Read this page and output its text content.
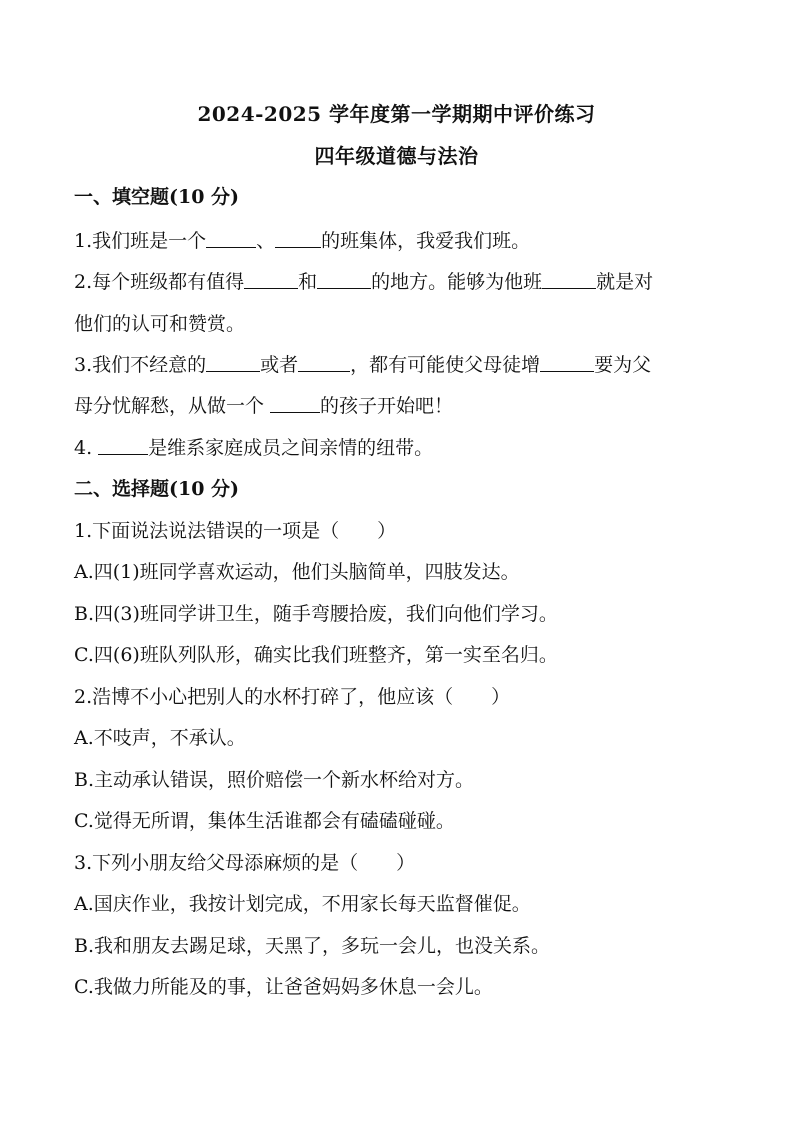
2024-2025 学年度第一学期期中评价练习
四年级道德与法治
一、填空题(10 分)
1.我们班是一个	、 的班集体，我爱我们班。
2.每个班级都有值得	和	的地方。能够为他班	就是对
他们的认可和赞赏。
3.我们不经意的	或者	，都有可能使父母徒增	要为父
母分忧解愁，从做一个	的孩子开始吧！
4.	是维系家庭成员之间亲情的纽带。
二、选择题(10 分)
1.下面说法说法错误的一项是（　　）
A.四(1)班同学喜欢运动，他们头脑简单，四肢发达。
B.四(3)班同学讲卫生，随手弯腰拾废，我们向他们学习。
C.四(6)班队列队形，确实比我们班整齐，第一实至名归。
2.浩博不小心把别人的水杯打碎了，他应该（　　）
A.不吱声，不承认。
B.主动承认错误，照价赔偿一个新水杯给对方。
C.觉得无所谓，集体生活谁都会有磕磕碰碰。
3.下列小朋友给父母添麻烦的是（　　）
A.国庆作业，我按计划完成，不用家长每天监督催促。
B.我和朋友去踢足球，天黑了，多玩一会儿，也没关系。
C.我做力所能及的事，让爸爸妈妈多休息一会儿。
